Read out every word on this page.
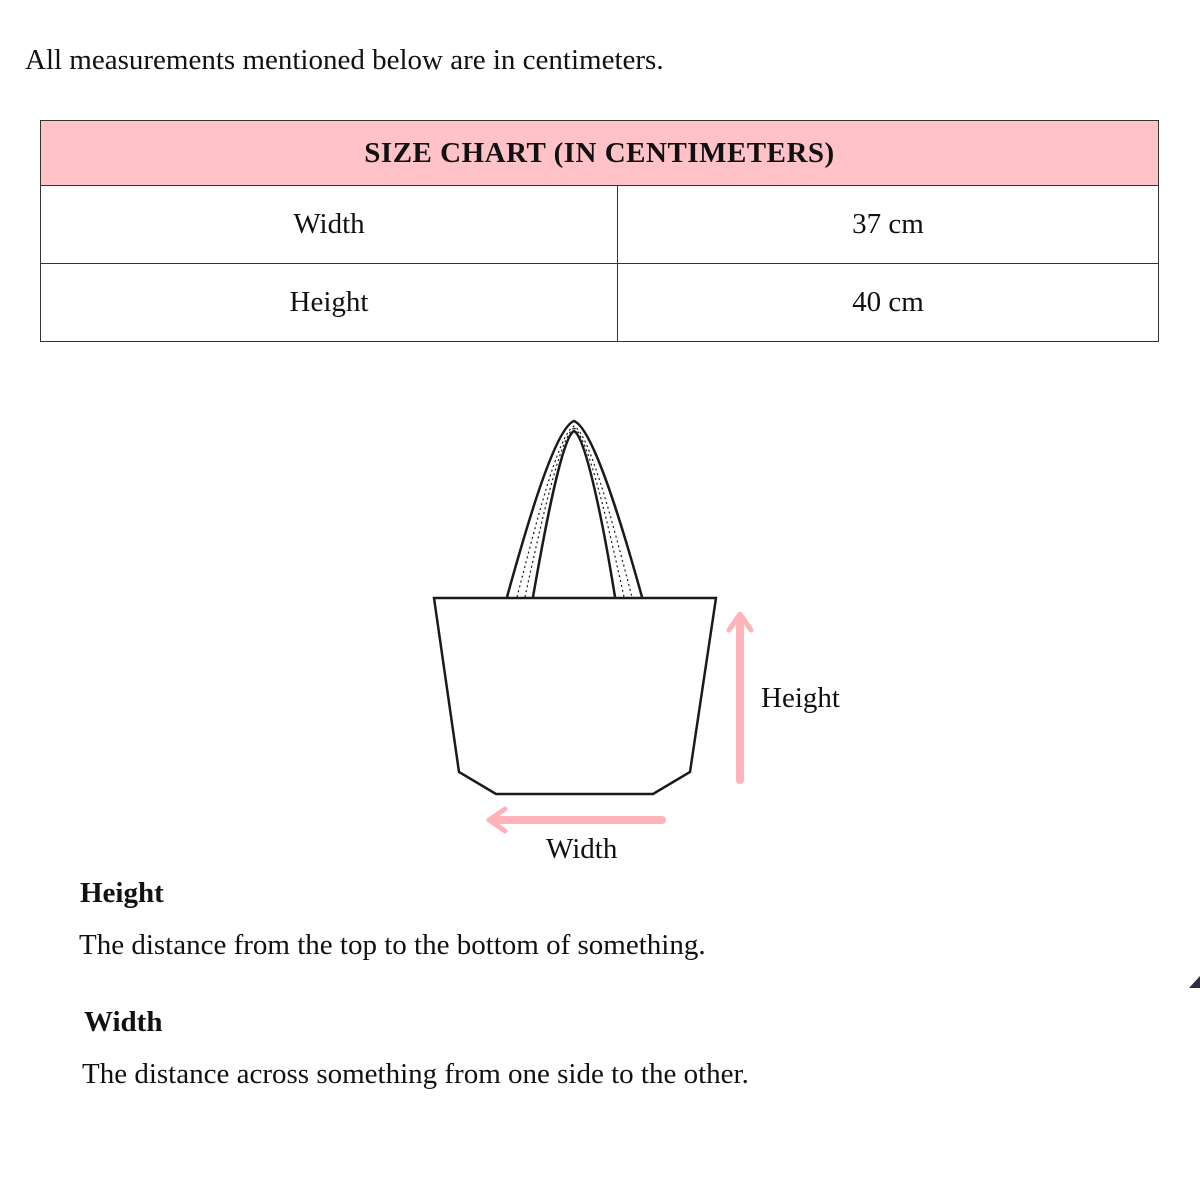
All measurements mentioned below are in centimeters.

SIZE CHART (IN CENTIMETERS)	
Width	37 cm
Height	40 cm
Height
Width

Height

The distance from the top to the bottom of something.

Width

The distance across something from one side to the other.
